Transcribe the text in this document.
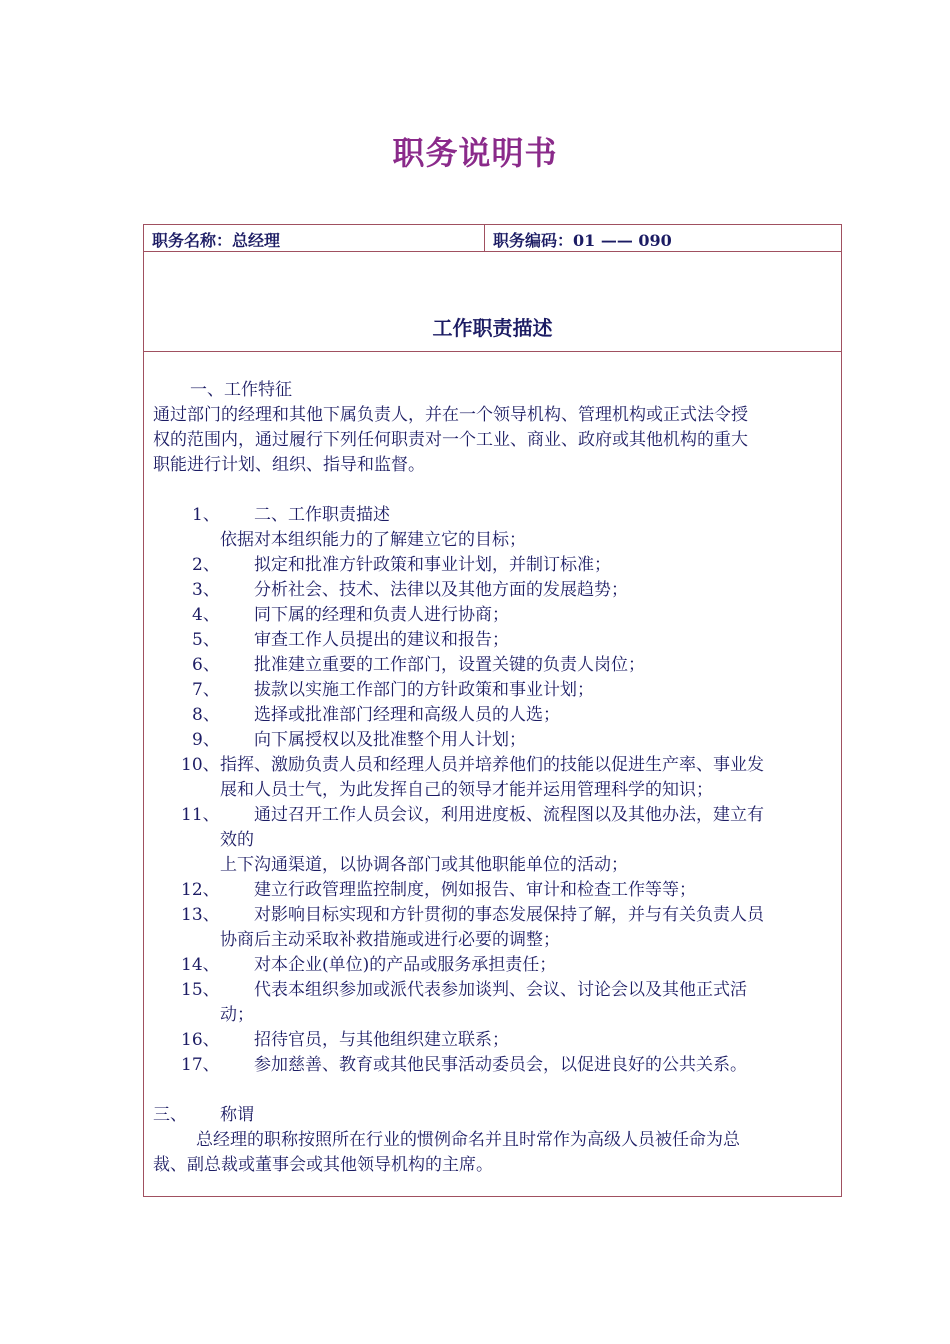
职务说明书
职务名称：总经理	职务编码：01 —— 090
工作职责描述
一、工作特征
通过部门的经理和其他下属负责人，并在一个领导机构、管理机构或正式法令授
权的范围内，通过履行下列任何职责对一个工业、商业、政府或其他机构的重大
职能进行计划、组织、指导和监督。
1、 二、工作职责描述
依据对本组织能力的了解建立它的目标；
2、 拟定和批准方针政策和事业计划，并制订标准；
3、 分析社会、技术、法律以及其他方面的发展趋势；
4、 同下属的经理和负责人进行协商；
5、 审查工作人员提出的建议和报告；
6、 批准建立重要的工作部门，设置关键的负责人岗位；
7、 拔款以实施工作部门的方针政策和事业计划；
8、 选择或批准部门经理和高级人员的人选；
9、 向下属授权以及批准整个用人计划；
10、 指挥、激励负责人员和经理人员并培养他们的技能以促进生产率、事业发
展和人员士气，为此发挥自己的领导才能并运用管理科学的知识；
11、 通过召开工作人员会议，利用进度板、流程图以及其他办法，建立有
效的
上下沟通渠道，以协调各部门或其他职能单位的活动；
12、 建立行政管理监控制度，例如报告、审计和检查工作等等；
13、 对影响目标实现和方针贯彻的事态发展保持了解，并与有关负责人员
协商后主动采取补救措施或进行必要的调整；
14、 对本企业(单位)的产品或服务承担责任；
15、 代表本组织参加或派代表参加谈判、会议、讨论会以及其他正式活
动；
16、 招待官员，与其他组织建立联系；
17、 参加慈善、教育或其他民事活动委员会，以促进良好的公共关系。
三、 称谓
总经理的职称按照所在行业的惯例命名并且时常作为高级人员被任命为总
裁、副总裁或董事会或其他领导机构的主席。
